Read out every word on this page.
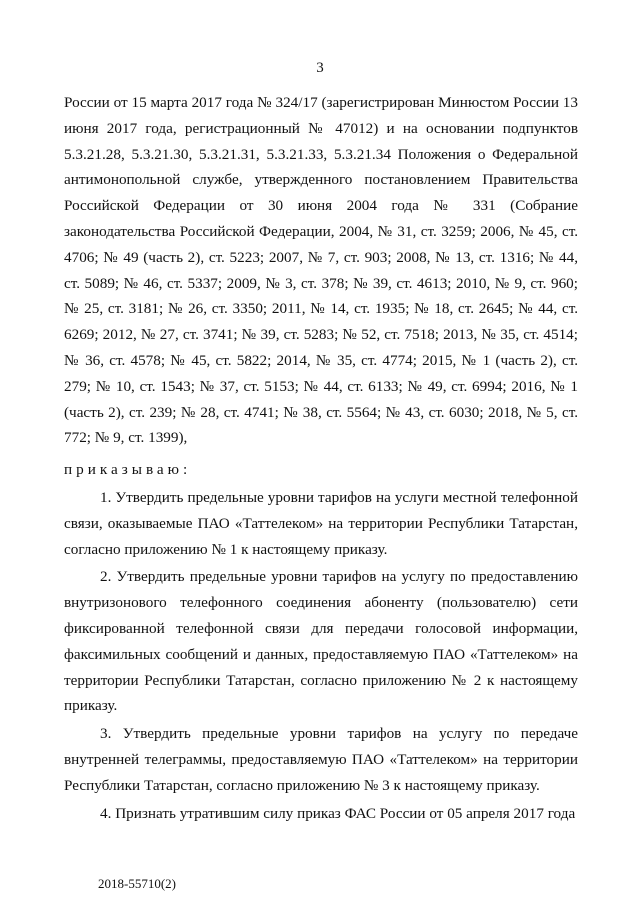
3

России от 15 марта 2017 года № 324/17 (зарегистрирован Минюстом России 13 июня 2017 года, регистрационный № 47012) и на основании подпунктов 5.3.21.28, 5.3.21.30, 5.3.21.31, 5.3.21.33, 5.3.21.34 Положения о Федеральной антимонопольной службе, утвержденного постановлением Правительства Российской Федерации от 30 июня 2004 года № 331 (Собрание законодательства Российской Федерации, 2004, № 31, ст. 3259; 2006, № 45, ст. 4706; № 49 (часть 2), ст. 5223; 2007, № 7, ст. 903; 2008, № 13, ст. 1316; № 44, ст. 5089; № 46, ст. 5337; 2009, № 3, ст. 378; № 39, ст. 4613; 2010, № 9, ст. 960; № 25, ст. 3181; № 26, ст. 3350; 2011, № 14, ст. 1935; № 18, ст. 2645; № 44, ст. 6269; 2012, № 27, ст. 3741; № 39, ст. 5283; № 52, ст. 7518; 2013, № 35, ст. 4514; № 36, ст. 4578; № 45, ст. 5822; 2014, № 35, ст. 4774; 2015, № 1 (часть 2), ст. 279; № 10, ст. 1543; № 37, ст. 5153; № 44, ст. 6133; № 49, ст. 6994; 2016, № 1 (часть 2), ст. 239; № 28, ст. 4741; № 38, ст. 5564; № 43, ст. 6030; 2018, № 5, ст. 772; № 9, ст. 1399),

приказываю:

1. Утвердить предельные уровни тарифов на услуги местной телефонной связи, оказываемые ПАО «Таттелеком» на территории Республики Татарстан, согласно приложению № 1 к настоящему приказу.

2. Утвердить предельные уровни тарифов на услугу по предоставлению внутризонового телефонного соединения абоненту (пользователю) сети фиксированной телефонной связи для передачи голосовой информации, факсимильных сообщений и данных, предоставляемую ПАО «Таттелеком» на территории Республики Татарстан, согласно приложению № 2 к настоящему приказу.

3. Утвердить предельные уровни тарифов на услугу по передаче внутренней телеграммы, предоставляемую ПАО «Таттелеком» на территории Республики Татарстан, согласно приложению № 3 к настоящему приказу.

4. Признать утратившим силу приказ ФАС России от 05 апреля 2017 года

2018-55710(2)
